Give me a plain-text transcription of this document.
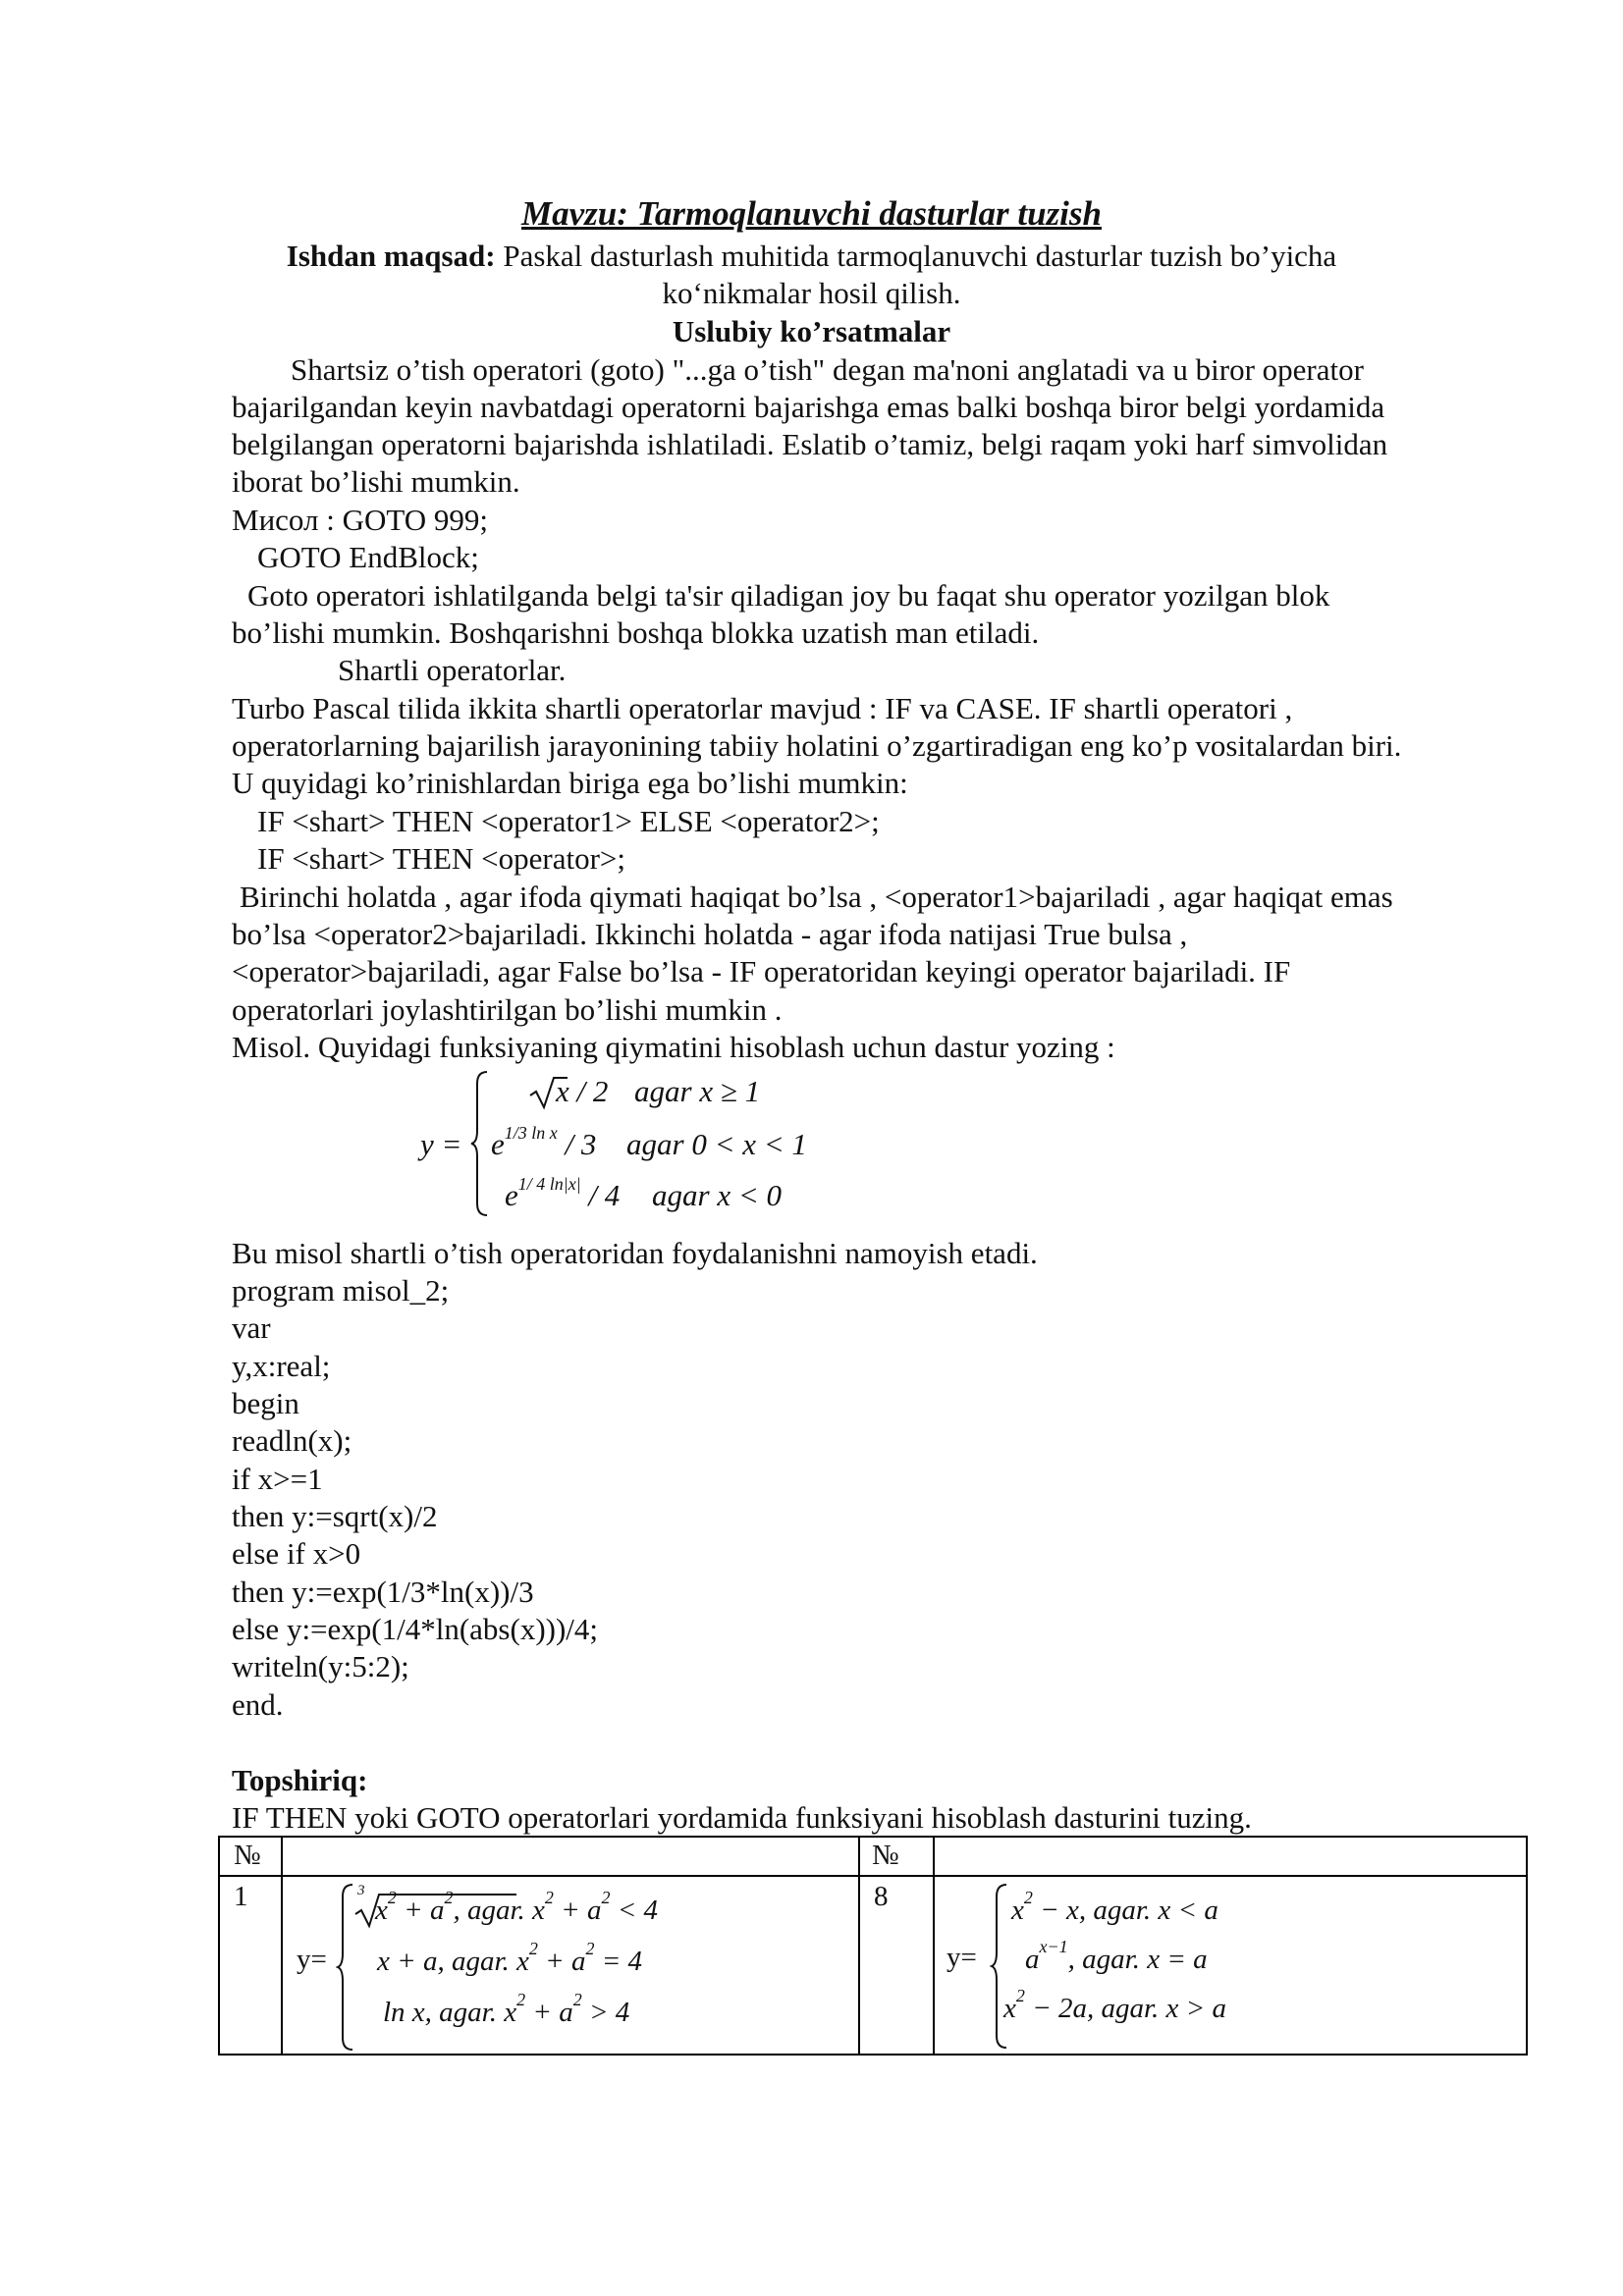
Mavzu: Tarmoqlanuvchi dasturlar tuzish
Ishdan maqsad: Paskal dasturlash muhitida tarmoqlanuvchi dasturlar tuzish bo’yicha
ko‘nikmalar hosil qilish.
Uslubiy ko’rsatmalar
Shartsiz o’tish operatori (goto) "...ga o’tish" degan ma'noni anglatadi va u biror operator
bajarilgandan keyin navbatdagi operatorni bajarishga emas balki boshqa biror belgi yordamida
belgilangan operatorni bajarishda ishlatiladi. Eslatib o’tamiz, belgi raqam yoki harf simvolidan
iborat bo’lishi mumkin.
Мисол : GOTO 999;
GOTO EndBlock;
Goto operatori ishlatilganda belgi ta'sir qiladigan joy bu faqat shu operator yozilgan blok
bo’lishi mumkin. Boshqarishni boshqa blokka uzatish man etiladi.
Shartli operatorlar.
Turbo Pascal tilida ikkita shartli operatorlar mavjud : IF va CASE. IF shartli operatori ,
operatorlarning bajarilish jarayonining tabiiy holatini o’zgartiradigan eng ko’p vositalardan biri.
U quyidagi ko’rinishlardan biriga ega bo’lishi mumkin:
IF <shart> THEN <operator1> ELSE <operator2>;
IF <shart> THEN <operator>;
Birinchi holatda , agar ifoda qiymati haqiqat bo’lsa , <operator1>bajariladi , agar haqiqat emas
bo’lsa <operator2>bajariladi. Ikkinchi holatda - agar ifoda natijasi True bulsa ,
<operator>bajariladi, agar False bo’lsa - IF operatoridan keyingi operator bajariladi. IF
operatorlari joylashtirilgan bo’lishi mumkin .
Misol. Quyidagi funksiyaning qiymatini hisoblash uchun dastur yozing :
y =
x / 2 agar x ≥ 1
$e^{1/3 ln x} / 3$ agar 0 < x < 1
$e^{1/ 4 ln|x|} / 4$ agar x < 0
Bu misol shartli o’tish operatoridan foydalanishni namoyish etadi.
program misol_2;
var
y,x:real;
begin
readln(x);
if x>=1
then y:=sqrt(x)/2
else if x>0
then y:=exp(1/3*ln(x))/3
else y:=exp(1/4*ln(abs(x)))/4;
writeln(y:5:2);
end.
Topshiriq:
IF THEN yoki GOTO operatorlari yordamida funksiyani hisoblash dasturini tuzing.
№	№
1
y=
3
$x^2 + a^2$, agar. $x^2 + a^2 < 4$
x + a, agar. $x^2 + a^2 = 4$
ln x, agar. $x^2 + a^2 > 4$
8
y=
$x^2 - x$, agar. x < a
$a^{x-1}$, agar. x = a
$x^2 - 2a$, agar. x > a
